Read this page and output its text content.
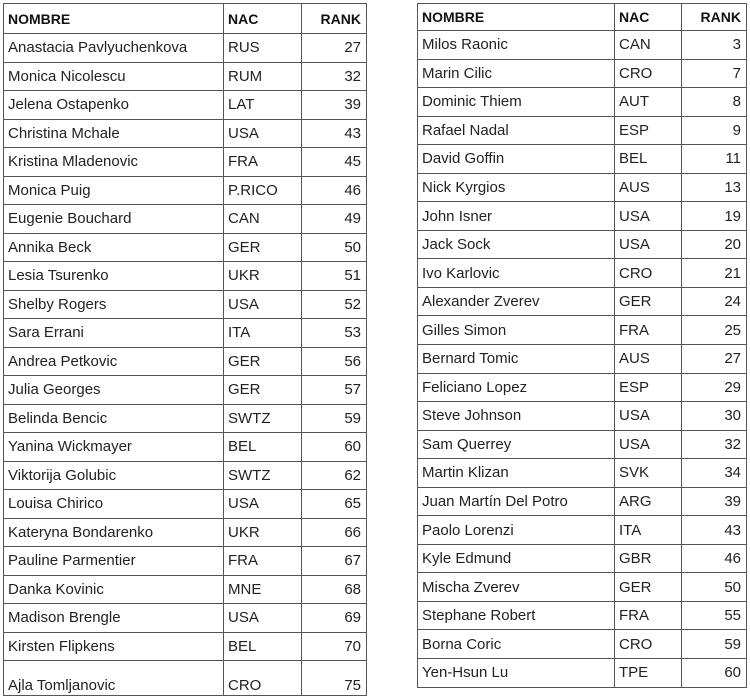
NOMBRE	NAC	RANK
Anastacia Pavlyuchenkova	RUS	27
Monica Nicolescu	RUM	32
Jelena Ostapenko	LAT	39
Christina Mchale	USA	43
Kristina Mladenovic	FRA	45
Monica Puig	P.RICO	46
Eugenie Bouchard	CAN	49
Annika Beck	GER	50
Lesia Tsurenko	UKR	51
Shelby Rogers	USA	52
Sara Errani	ITA	53
Andrea Petkovic	GER	56
Julia Georges	GER	57
Belinda Bencic	SWTZ	59
Yanina Wickmayer	BEL	60
Viktorija Golubic	SWTZ	62
Louisa Chirico	USA	65
Kateryna Bondarenko	UKR	66
Pauline Parmentier	FRA	67
Danka Kovinic	MNE	68
Madison Brengle	USA	69
Kirsten Flipkens	BEL	70
Ajla Tomljanovic	CRO	75
NOMBRE	NAC	RANK
Milos Raonic	CAN	3
Marin Cilic	CRO	7
Dominic Thiem	AUT	8
Rafael Nadal	ESP	9
David Goffin	BEL	11
Nick Kyrgios	AUS	13
John Isner	USA	19
Jack Sock	USA	20
Ivo Karlovic	CRO	21
Alexander Zverev	GER	24
Gilles Simon	FRA	25
Bernard Tomic	AUS	27
Feliciano Lopez	ESP	29
Steve Johnson	USA	30
Sam Querrey	USA	32
Martin Klizan	SVK	34
Juan Martín Del Potro	ARG	39
Paolo Lorenzi	ITA	43
Kyle Edmund	GBR	46
Mischa Zverev	GER	50
Stephane Robert	FRA	55
Borna Coric	CRO	59
Yen-Hsun Lu	TPE	60
